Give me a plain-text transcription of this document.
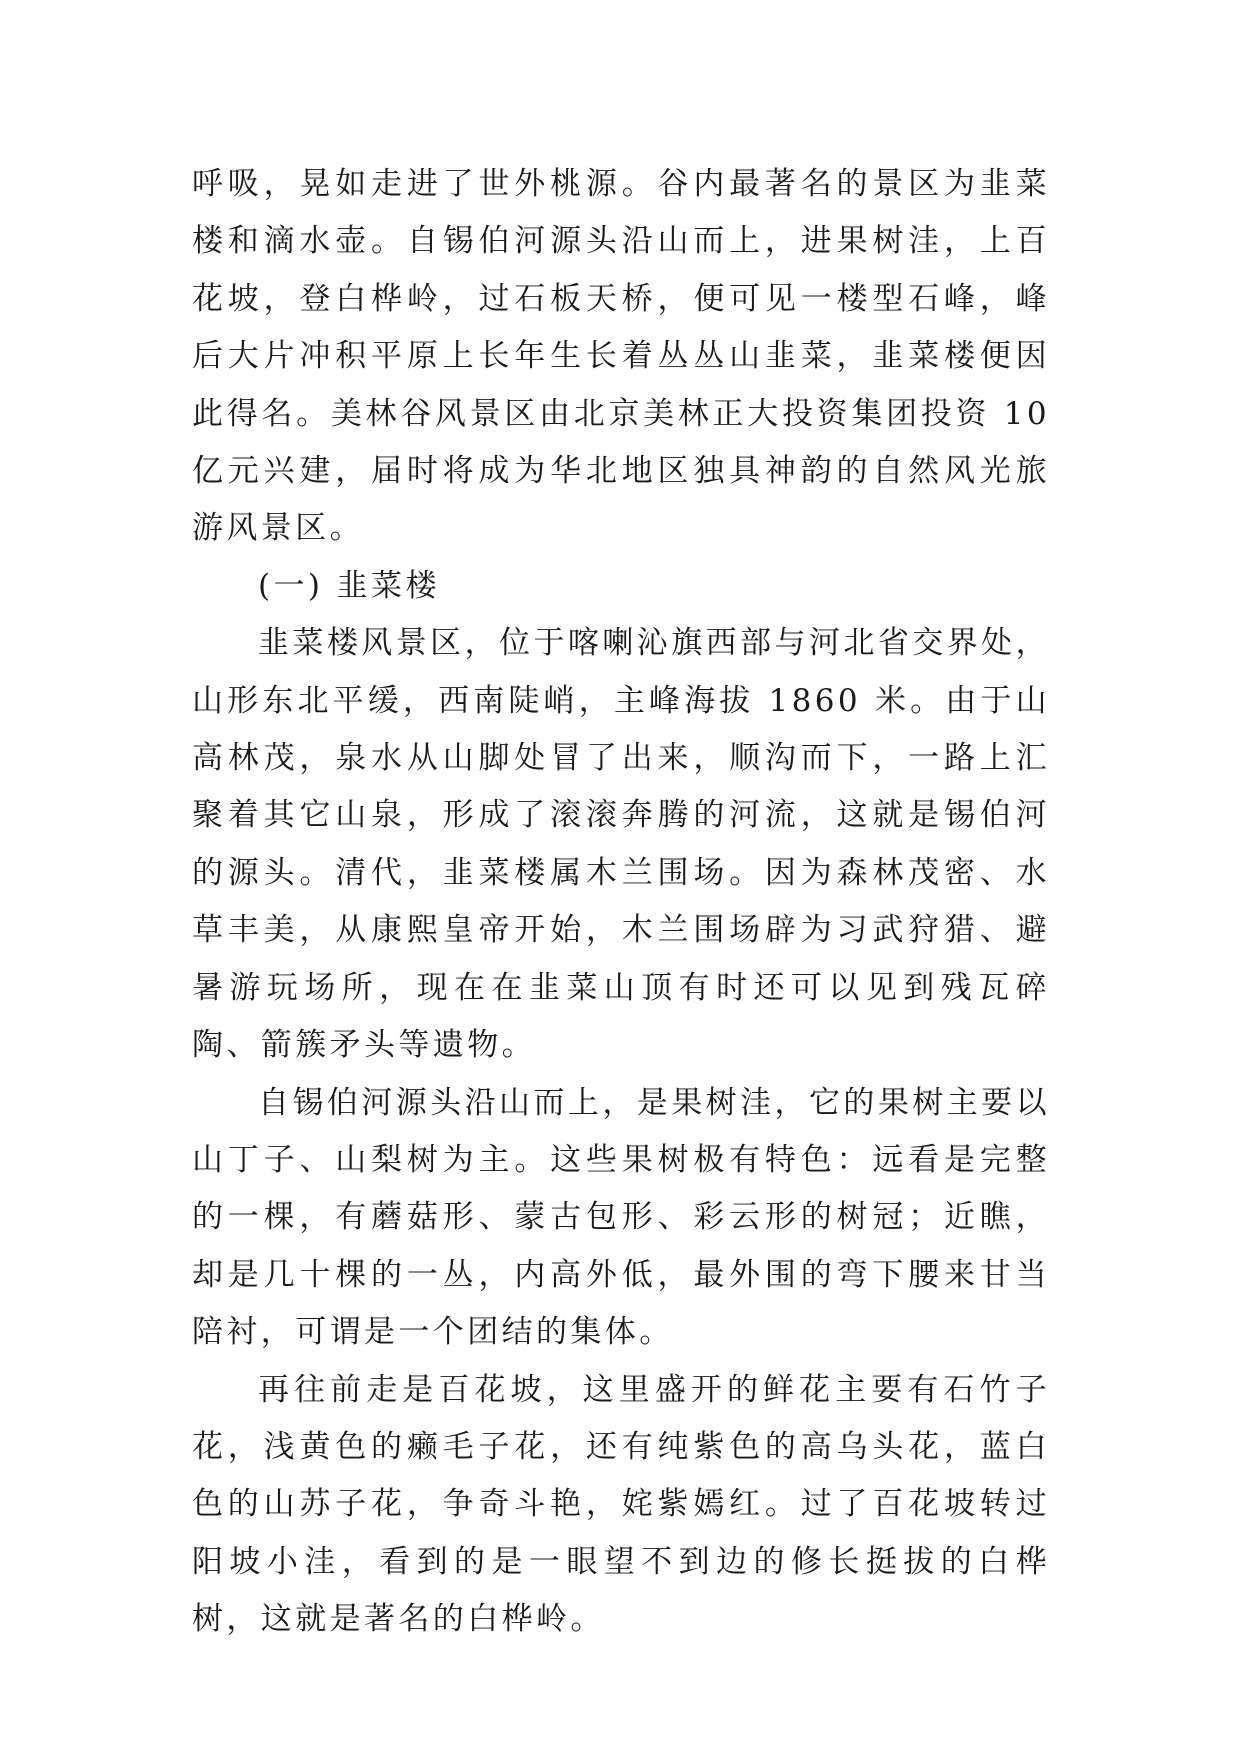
呼吸，晃如走进了世外桃源。谷内最著名的景区为韭菜楼和滴水壶。自锡伯河源头沿山而上，进果树洼，上百花坡，登白桦岭，过石板天桥，便可见一楼型石峰，峰后大片冲积平原上长年生长着丛丛山韭菜，韭菜楼便因此得名。美林谷风景区由北京美林正大投资集团投资 10 亿元兴建，届时将成为华北地区独具神韵的自然风光旅游风景区。

(一) 韭菜楼

韭菜楼风景区，位于喀喇沁旗西部与河北省交界处，山形东北平缓，西南陡峭，主峰海拔 1860 米。由于山高林茂，泉水从山脚处冒了出来，顺沟而下，一路上汇聚着其它山泉，形成了滚滚奔腾的河流，这就是锡伯河的源头。清代，韭菜楼属木兰围场。因为森林茂密、水草丰美，从康熙皇帝开始，木兰围场辟为习武狩猎、避暑游玩场所，现在在韭菜山顶有时还可以见到残瓦碎陶、箭簇矛头等遗物。

自锡伯河源头沿山而上，是果树洼，它的果树主要以山丁子、山梨树为主。这些果树极有特色：远看是完整的一棵，有蘑菇形、蒙古包形、彩云形的树冠；近瞧，却是几十棵的一丛，内高外低，最外围的弯下腰来甘当陪衬，可谓是一个团结的集体。

再往前走是百花坡，这里盛开的鲜花主要有石竹子花，浅黄色的癞毛子花，还有纯紫色的高乌头花，蓝白色的山苏子花，争奇斗艳，姹紫嫣红。过了百花坡转过阳坡小洼，看到的是一眼望不到边的修长挺拔的白桦树，这就是著名的白桦岭。
